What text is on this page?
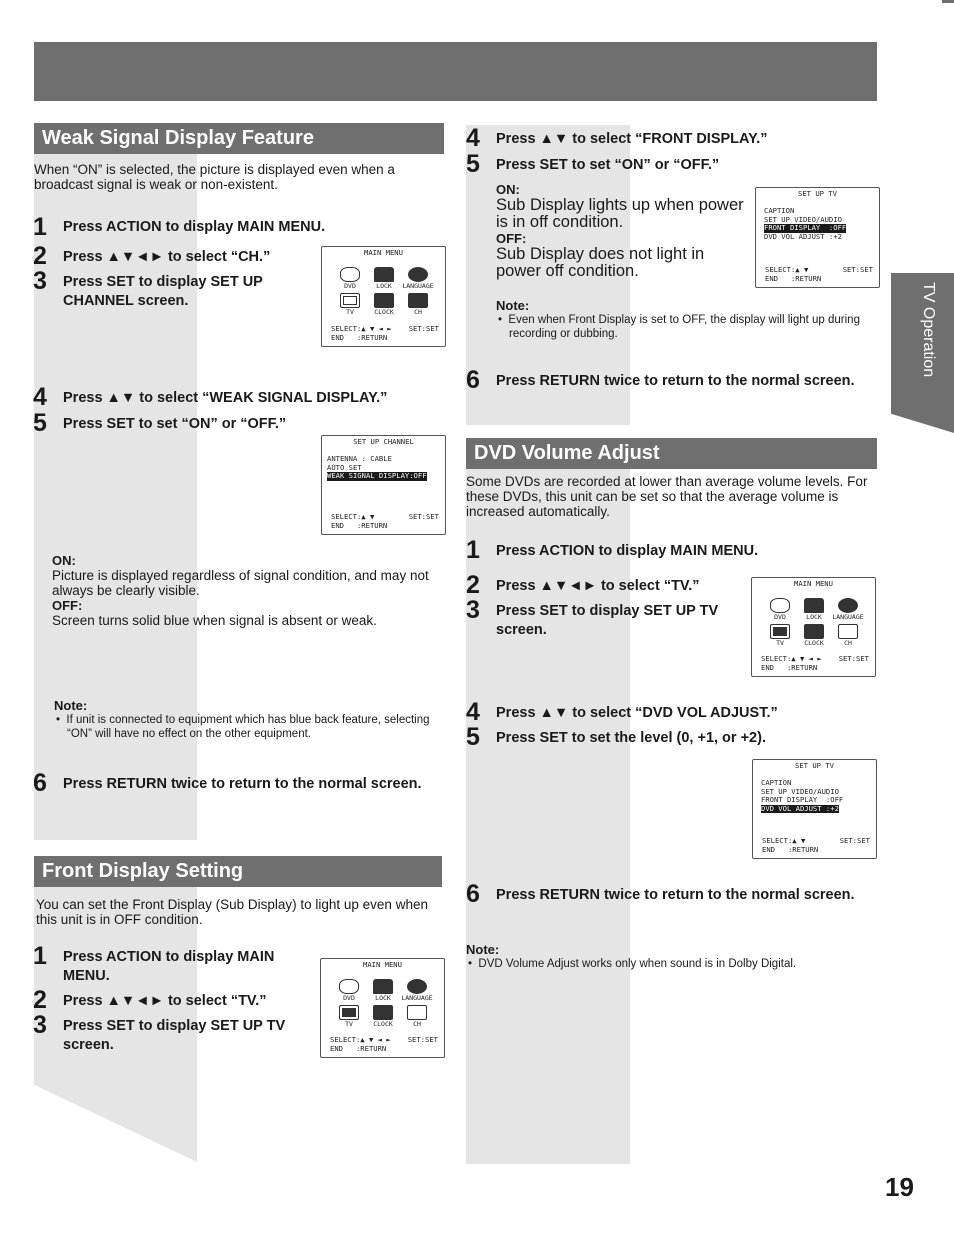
TV Operation
Weak Signal Display Feature
When “ON” is selected, the picture is displayed even when a broadcast signal is weak or non-existent.
1 Press ACTION to display MAIN MENU.
2 Press ▲▼◄► to select “CH.”
3 Press SET to display SET UP CHANNEL screen.
MAIN MENU
DVD	LOCK	LANGUAGE
TV	CLOCK	CH
SELECT:▲ ▼ ◄ ► SET:SET
END   :RETURN
4 Press ▲▼ to select “WEAK SIGNAL DISPLAY.”
5 Press SET to set “ON” or “OFF.”
SET UP CHANNEL
ANTENNA : CABLE
AUTO SET
WEAK SIGNAL DISPLAY:OFF
SELECT:▲ ▼	SET:SET
END   :RETURN
ON:
Picture is displayed regardless of signal condition, and may not always be clearly visible.
OFF:
Screen turns solid blue when signal is absent or weak.
Note:
•  If unit is connected to equipment which has blue back feature, selecting “ON” will have no effect on the other equipment.
6 Press RETURN twice to return to the normal screen.
Front Display Setting
You can set the Front Display (Sub Display) to light up even when this unit is in OFF condition.
1 Press ACTION to display MAIN MENU.
2 Press ▲▼◄► to select “TV.”
3 Press SET to display SET UP TV screen.
MAIN MENU
DVD	LOCK	LANGUAGE
TV	CLOCK	CH
SELECT:▲ ▼ ◄ ► SET:SET
END   :RETURN
4 Press ▲▼ to select “FRONT DISPLAY.”
5 Press SET to set “ON” or “OFF.”
ON:
Sub Display lights up when power is in off condition.
OFF:
Sub Display does not light in power off condition.
SET UP TV
CAPTION
SET UP VIDEO/AUDIO
FRONT DISPLAY  :OFF
DVD VOL ADJUST :+2
SELECT:▲ ▼	SET:SET
END   :RETURN
Note:
•  Even when Front Display is set to OFF, the display will light up during recording or dubbing.
6 Press RETURN twice to return to the normal screen.
DVD Volume Adjust
Some DVDs are recorded at lower than average volume levels. For these DVDs, this unit can be set so that the average volume is increased automatically.
1 Press ACTION to display MAIN MENU.
2 Press ▲▼◄► to select “TV.”
3 Press SET to display SET UP TV screen.
MAIN MENU
DVD	LOCK	LANGUAGE
TV	CLOCK	CH
SELECT:▲ ▼ ◄ ► SET:SET
END   :RETURN
4 Press ▲▼ to select “DVD VOL ADJUST.”
5 Press SET to set the level (0, +1, or +2).
SET UP TV
CAPTION
SET UP VIDEO/AUDIO
FRONT DISPLAY  :OFF
DVD VOL ADJUST :+2
SELECT:▲ ▼	SET:SET
END   :RETURN
6 Press RETURN twice to return to the normal screen.
Note:
•  DVD Volume Adjust works only when sound is in Dolby Digital.
19
